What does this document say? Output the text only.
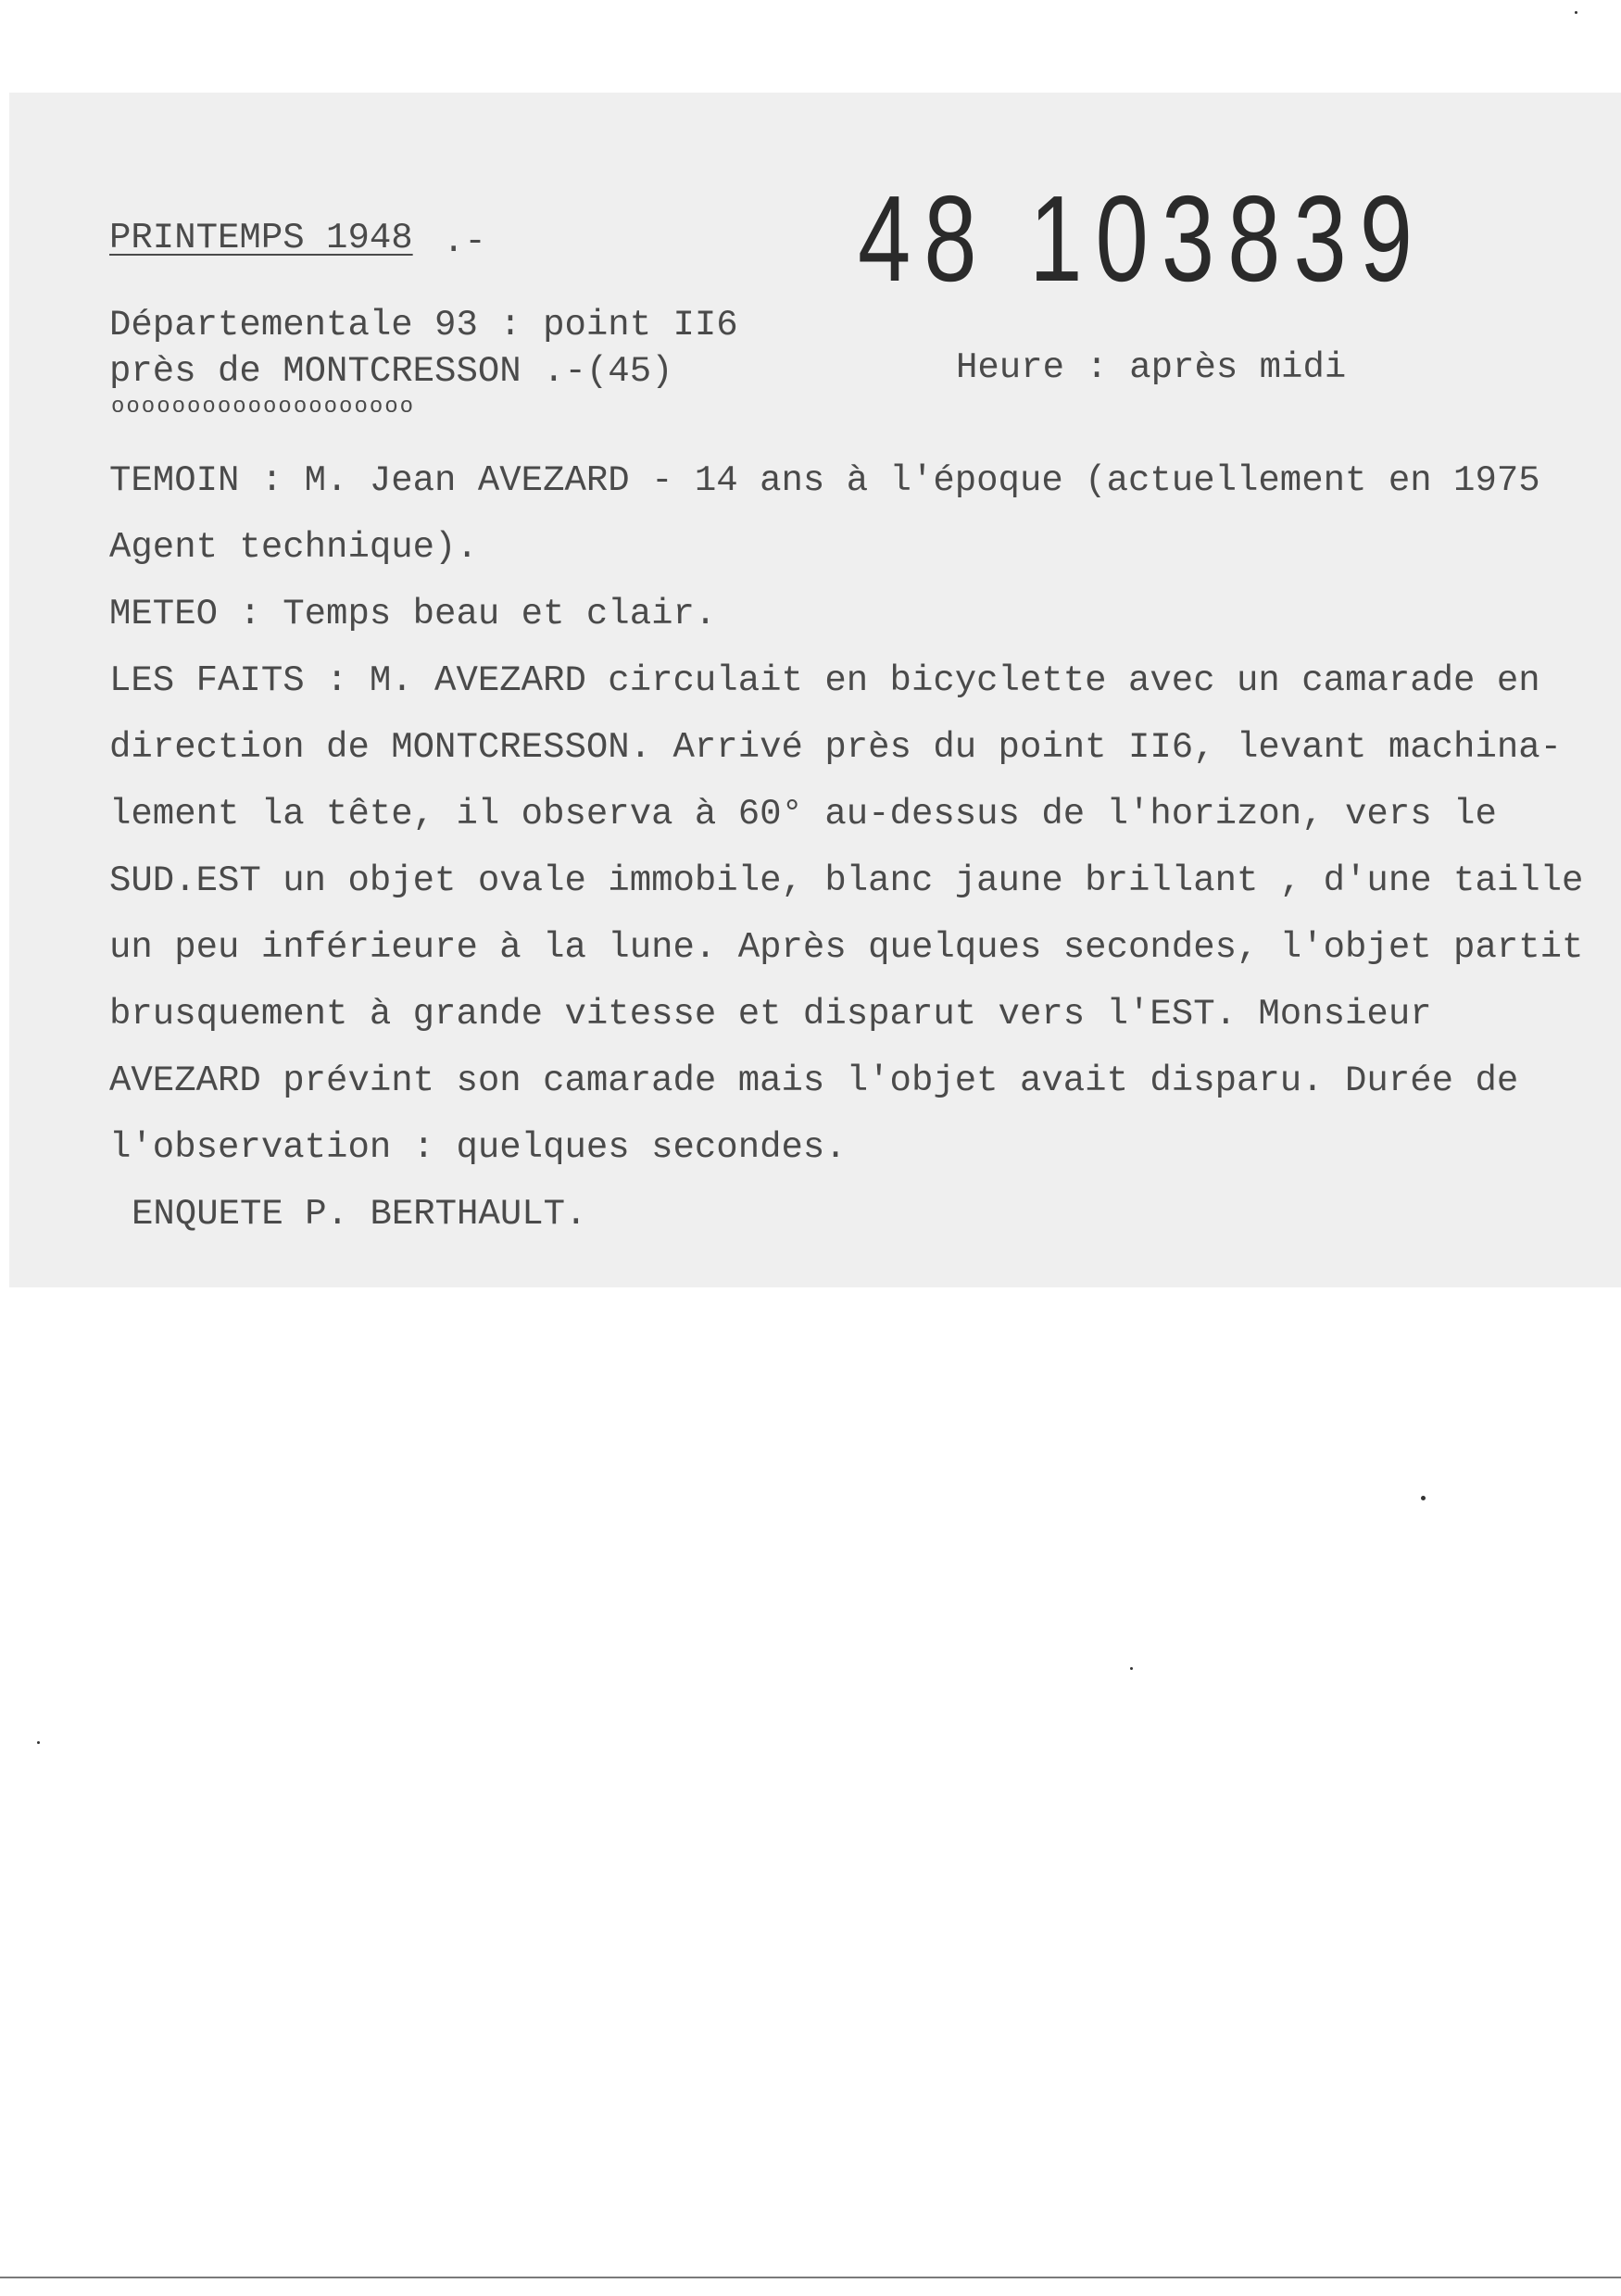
PRINTEMPS 1948 .-	48 103839
Départementale 93 : point II6
près de MONTCRESSON .-(45)
oooooooooooooooooooo
Heure : après midi
TEMOIN : M. Jean AVEZARD - 14 ans à l'époque (actuellement en 1975
Agent technique).
METEO : Temps beau et clair.
LES FAITS : M. AVEZARD circulait en bicyclette avec un camarade en
direction de MONTCRESSON. Arrivé près du point II6, levant machina-
lement la tête, il observa à 60° au-dessus de l'horizon, vers le
SUD.EST un objet ovale immobile, blanc jaune brillant , d'une taille
un peu inférieure à la lune. Après quelques secondes, l'objet partit
brusquement à grande vitesse et disparut vers l'EST. Monsieur
AVEZARD prévint son camarade mais l'objet avait disparu. Durée de
l'observation : quelques secondes.
ENQUETE P. BERTHAULT.
